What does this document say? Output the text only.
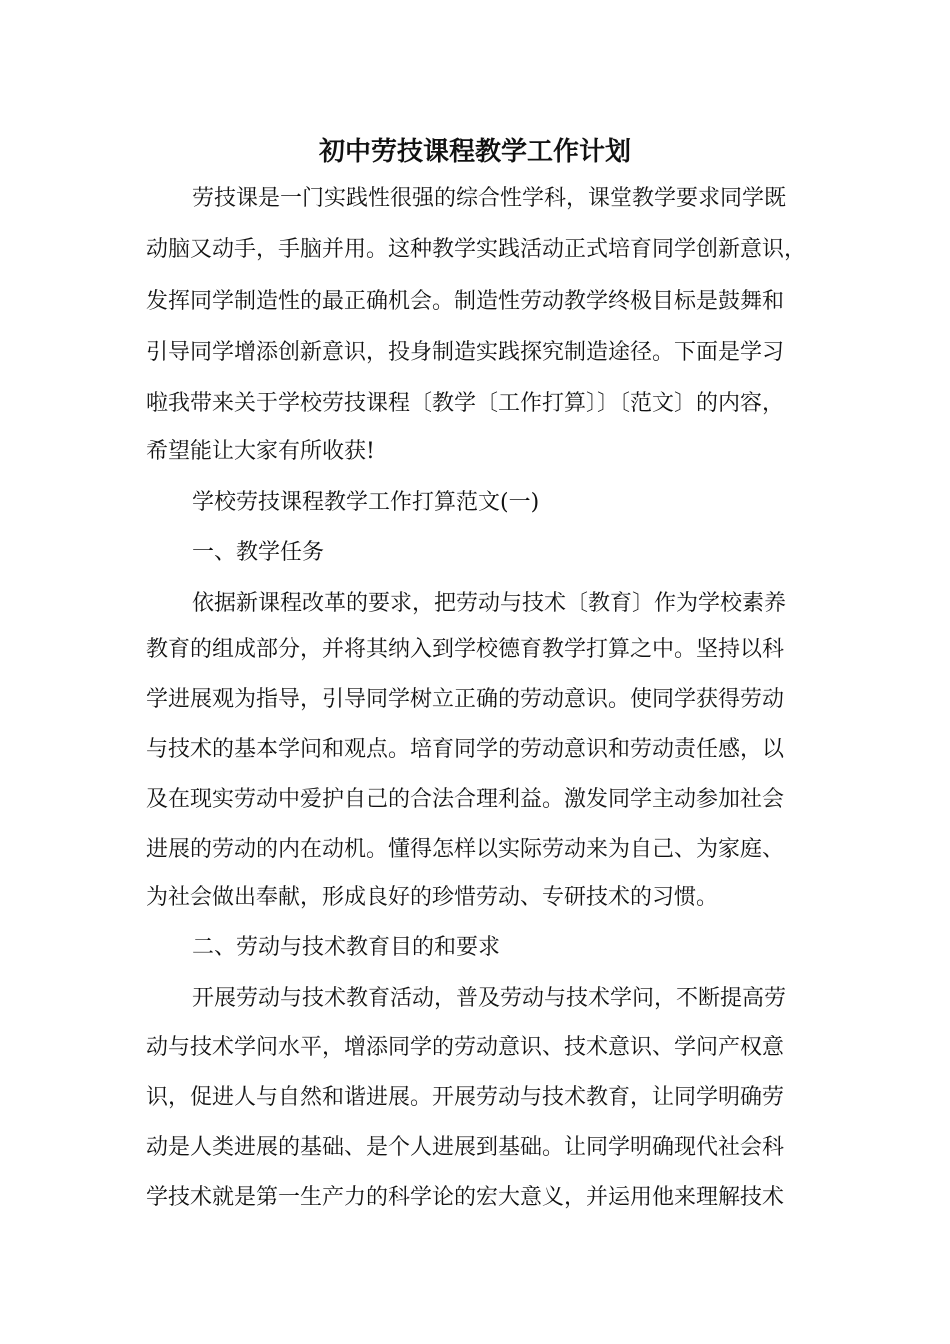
初中劳技课程教学工作计划
劳技课是一门实践性很强的综合性学科，课堂教学要求同学既
动脑又动手，手脑并用。这种教学实践活动正式培育同学创新意识，
发挥同学制造性的最正确机会。制造性劳动教学终极目标是鼓舞和
引导同学增添创新意识，投身制造实践探究制造途径。下面是学习
啦我带来关于学校劳技课程〔教学〔工作打算〕〕〔范文〕的内容，
希望能让大家有所收获!
学校劳技课程教学工作打算范文(一)
一、教学任务
依据新课程改革的要求，把劳动与技术〔教育〕作为学校素养
教育的组成部分，并将其纳入到学校德育教学打算之中。坚持以科
学进展观为指导，引导同学树立正确的劳动意识。使同学获得劳动
与技术的基本学问和观点。培育同学的劳动意识和劳动责任感，以
及在现实劳动中爱护自己的合法合理利益。激发同学主动参加社会
进展的劳动的内在动机。懂得怎样以实际劳动来为自己、为家庭、
为社会做出奉献，形成良好的珍惜劳动、专研技术的习惯。
二、劳动与技术教育目的和要求
开展劳动与技术教育活动，普及劳动与技术学问，不断提高劳
动与技术学问水平，增添同学的劳动意识、技术意识、学问产权意
识，促进人与自然和谐进展。开展劳动与技术教育，让同学明确劳
动是人类进展的基础、是个人进展到基础。让同学明确现代社会科
学技术就是第一生产力的科学论的宏大意义，并运用他来理解技术
